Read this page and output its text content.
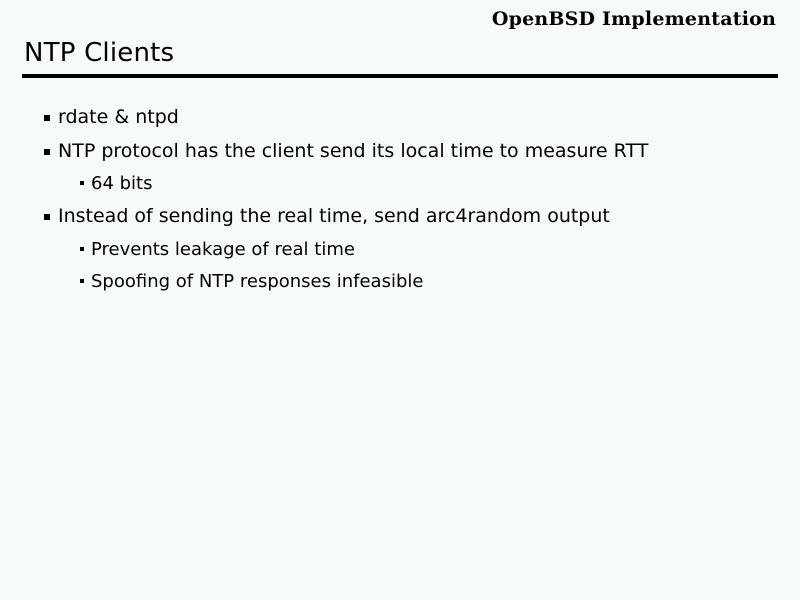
OpenBSD Implementation
NTP Clients
rdate & ntpd
NTP protocol has the client send its local time to measure RTT
64 bits
Instead of sending the real time, send arc4random output
Prevents leakage of real time
Spoofing of NTP responses infeasible
